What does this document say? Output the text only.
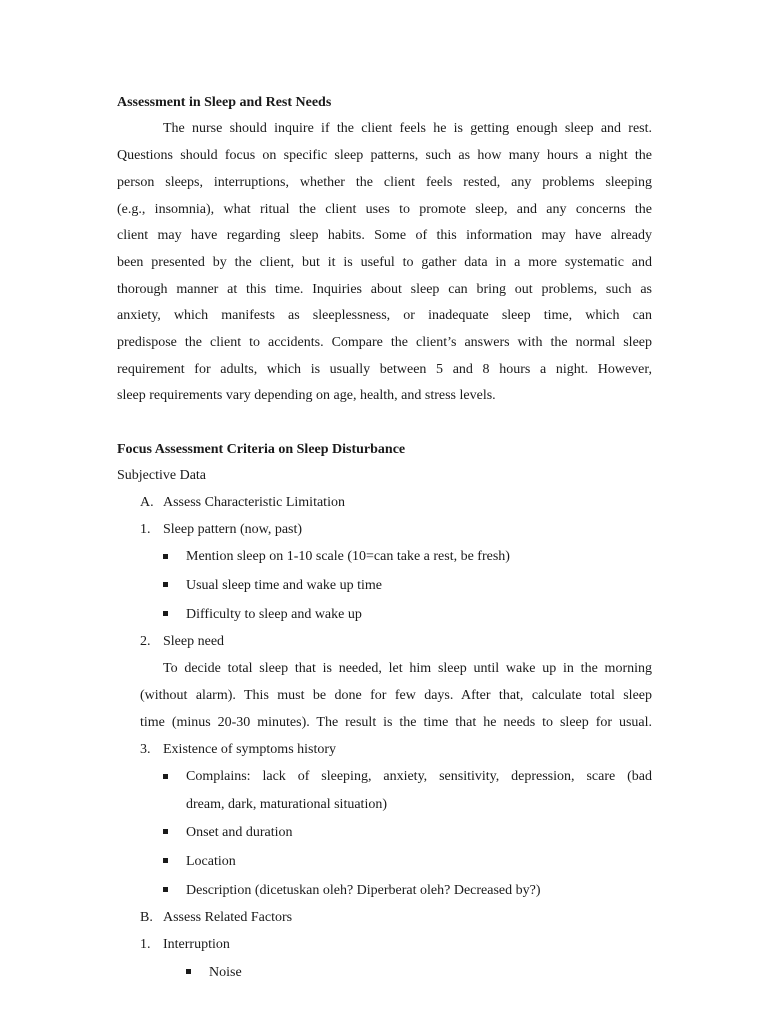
Assessment in Sleep and Rest Needs
The nurse should inquire if the client feels he is getting enough sleep and rest.
Questions should focus on specific sleep patterns, such as how many hours a night the
person sleeps, interruptions, whether the client feels rested, any problems sleeping
(e.g., insomnia), what ritual the client uses to promote sleep, and any concerns the
client may have regarding sleep habits. Some of this information may have already
been presented by the client, but it is useful to gather data in a more systematic and
thorough manner at this time. Inquiries about sleep can bring out problems, such as
anxiety, which manifests as sleeplessness, or inadequate sleep time, which can
predispose the client to accidents. Compare the client’s answers with the normal sleep
requirement for adults, which is usually between 5 and 8 hours a night. However,
sleep requirements vary depending on age, health, and stress levels.
Focus Assessment Criteria on Sleep Disturbance
Subjective Data
A. Assess Characteristic Limitation
1. Sleep pattern (now, past)
Mention sleep on 1-10 scale (10=can take a rest, be fresh)
Usual sleep time and wake up time
Difficulty to sleep and wake up
2. Sleep need
To decide total sleep that is needed, let him sleep until wake up in the morning
(without alarm). This must be done for few days. After that, calculate total sleep
time (minus 20-30 minutes). The result is the time that he needs to sleep for usual.
3. Existence of symptoms history
Complains: lack of sleeping, anxiety, sensitivity, depression, scare (bad
dream, dark, maturational situation)
Onset and duration
Location
Description (dicetuskan oleh? Diperberat oleh? Decreased by?)
B. Assess Related Factors
1. Interruption
Noise
